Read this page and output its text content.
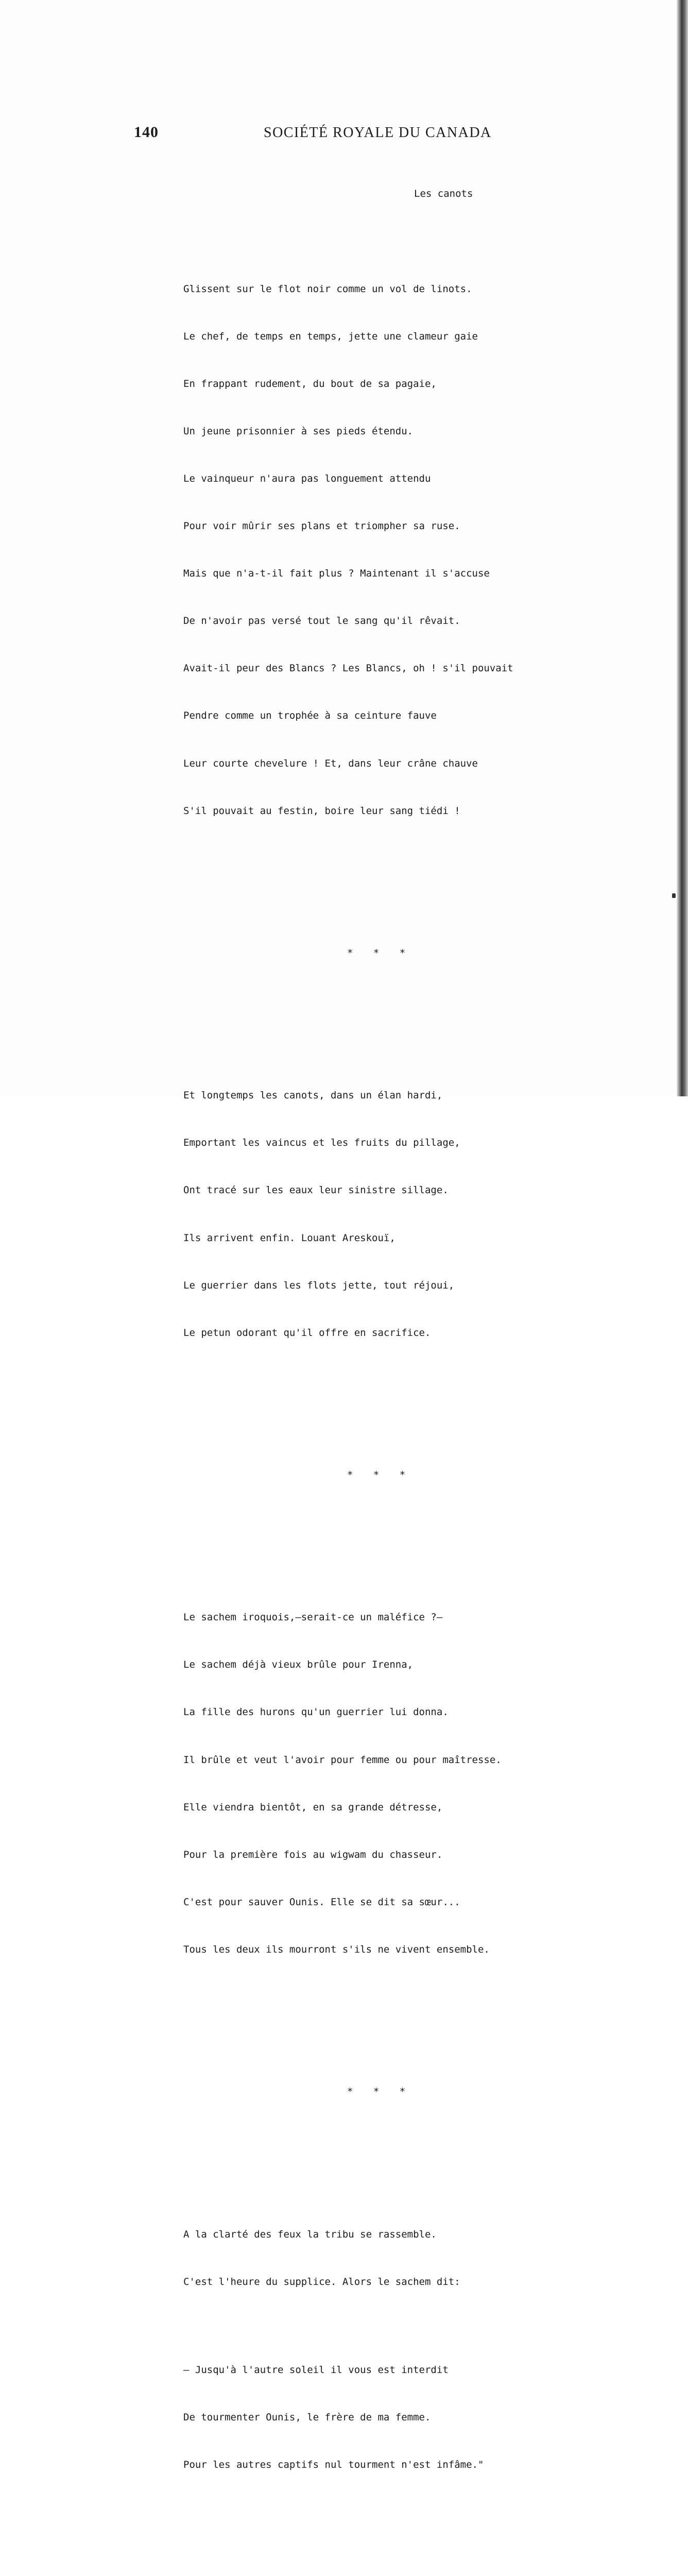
140	SOCIÉTÉ ROYALE DU CANADA

Les canots

Glissent sur le flot noir comme un vol de linots.

Le chef, de temps en temps, jette une clameur gaie

En frappant rudement, du bout de sa pagaie,

Un jeune prisonnier à ses pieds étendu.

Le vainqueur n'aura pas longuement attendu

Pour voir mûrir ses plans et triompher sa ruse.

Mais que n'a-t-il fait plus ? Maintenant il s'accuse

De n'avoir pas versé tout le sang qu'il rêvait.

Avait-il peur des Blancs ? Les Blancs, oh ! s'il pouvait

Pendre comme un trophée à sa ceinture fauve

Leur courte chevelure ! Et, dans leur crâne chauve

S'il pouvait au festin, boire leur sang tiédi !

* * *

Et longtemps les canots, dans un élan hardi,

Emportant les vaincus et les fruits du pillage,

Ont tracé sur les eaux leur sinistre sillage.

Ils arrivent enfin. Louant Areskouï,

Le guerrier dans les flots jette, tout réjoui,

Le petun odorant qu'il offre en sacrifice.

* * *

Le sachem iroquois,—serait-ce un maléfice ?—

Le sachem déjà vieux brûle pour Irenna,

La fille des hurons qu'un guerrier lui donna.

Il brûle et veut l'avoir pour femme ou pour maîtresse.

Elle viendra bientôt, en sa grande détresse,

Pour la première fois au wigwam du chasseur.

C'est pour sauver Ounis. Elle se dit sa sœur...

Tous les deux ils mourront s'ils ne vivent ensemble.

* * *

A la clarté des feux la tribu se rassemble.

C'est l'heure du supplice. Alors le sachem dit:

— Jusqu'à l'autre soleil il vous est interdit

De tourmenter Ounis, le frère de ma femme.

Pour les autres captifs nul tourment n'est infâme."
